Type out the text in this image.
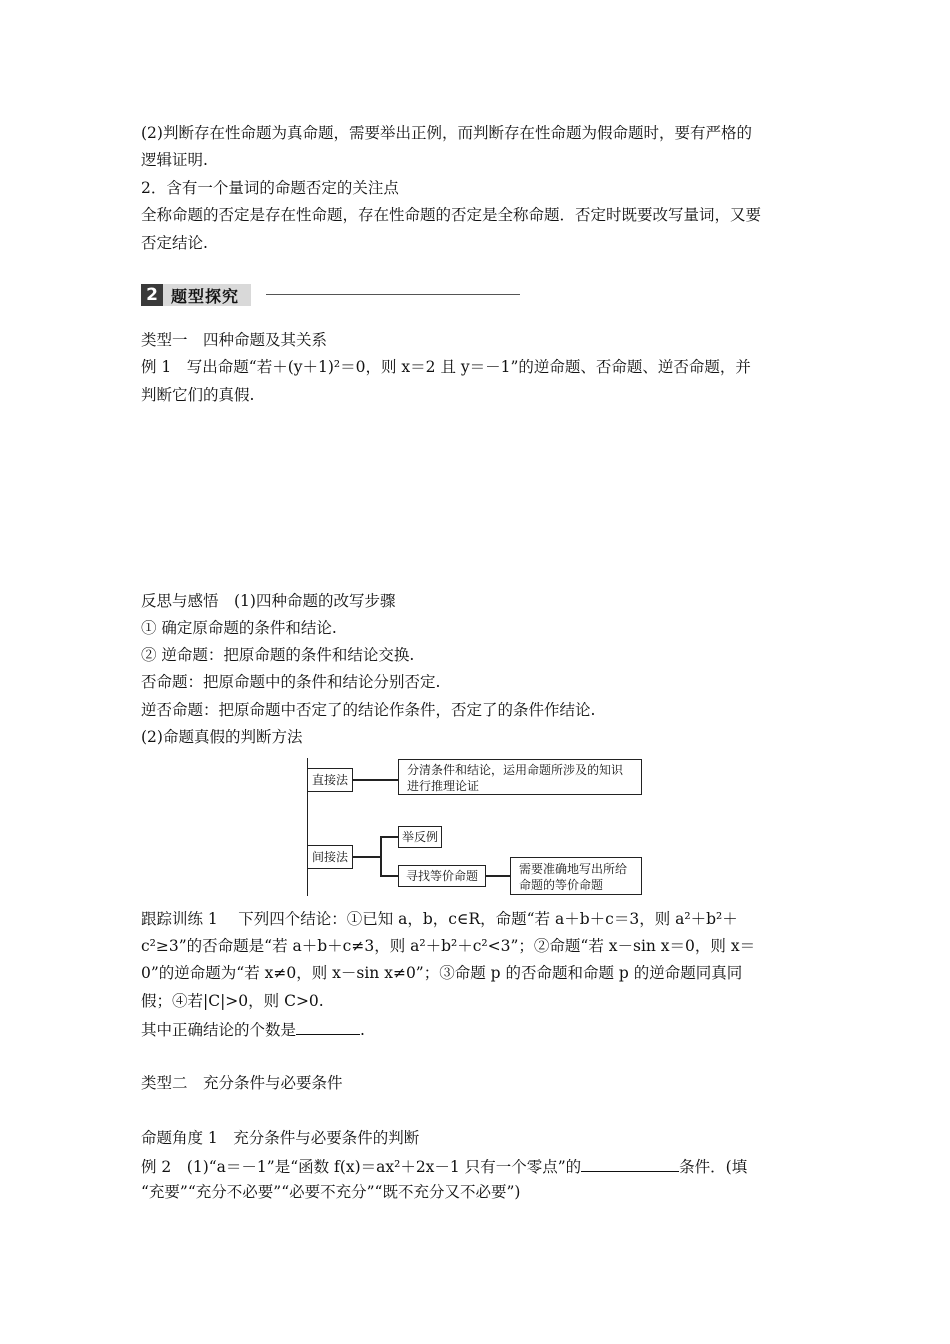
(2)判断存在性命题为真命题，需要举出正例，而判断存在性命题为假命题时，要有严格的
逻辑证明.
2．含有一个量词的命题否定的关注点
全称命题的否定是存在性命题，存在性命题的否定是全称命题．否定时既要改写量词，又要
否定结论.
2 题型探究
类型一　四种命题及其关系
例 1　写出命题“若＋(y＋1)²＝0，则 x＝2 且 y＝－1”的逆命题、否命题、逆否命题，并
判断它们的真假.
反思与感悟　(1)四种命题的改写步骤
① 确定原命题的条件和结论.
② 逆命题：把原命题的条件和结论交换.
否命题：把原命题中的条件和结论分别否定.
逆否命题：把原命题中否定了的结论作条件，否定了的条件作结论.
(2)命题真假的判断方法
直接法
分清条件和结论，运用命题所涉及的知识
进行推理论证
间接法
举反例
寻找等价命题	需要准确地写出所给
命题的等价命题
跟踪训练 1　 下列四个结论：①已知 a，b，c∈R，命题“若 a＋b＋c＝3，则 a²＋b²＋
c²≥3”的否命题是“若 a＋b＋c≠3，则 a²＋b²＋c²<3”；②命题“若 x－sin x＝0，则 x＝
0”的逆命题为“若 x≠0，则 x－sin x≠0”；③命题 p 的否命题和命题 p 的逆命题同真同
假；④若|C|>0，则 C>0.
其中正确结论的个数是	.
类型二　充分条件与必要条件
命题角度 1　充分条件与必要条件的判断
例 2　(1)“a＝－1”是“函数 f(x)＝ax²＋2x－1 只有一个零点”的	条件．(填
“充要”“充分不必要”“必要不充分”“既不充分又不必要”)
